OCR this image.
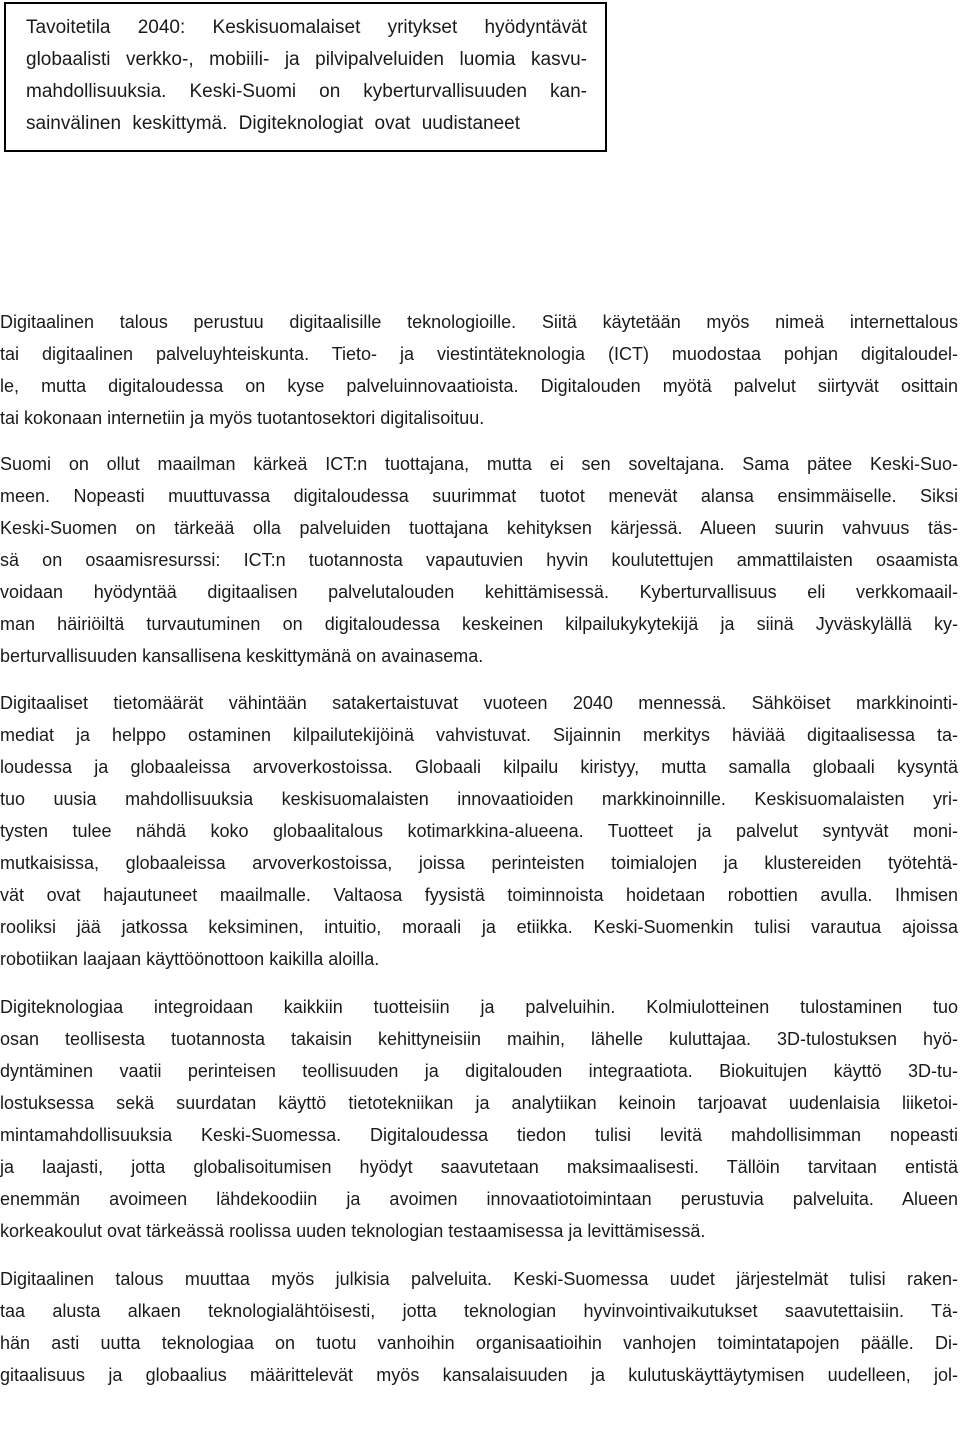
Tavoitetila 2040: Keskisuomalaiset yritykset hyödyntävät
globaalisti verkko-, mobiili- ja pilvipalveluiden luomia kasvu-
mahdollisuuksia. Keski-Suomi on kyberturvallisuuden kan-
sainvälinen keskittymä. Digiteknologiat ovat uudistaneet
Digitaalinen talous perustuu digitaalisille teknologioille. Siitä käytetään myös nimeä internettalous
tai digitaalinen palveluyhteiskunta. Tieto- ja viestintäteknologia (ICT) muodostaa pohjan digitaloudel-
le, mutta digitaloudessa on kyse palveluinnovaatioista. Digitalouden myötä palvelut siirtyvät osittain
tai kokonaan internetiin ja myös tuotantosektori digitalisoituu.
Suomi on ollut maailman kärkeä ICT:n tuottajana, mutta ei sen soveltajana. Sama pätee Keski-Suo-
meen. Nopeasti muuttuvassa digitaloudessa suurimmat tuotot menevät alansa ensimmäiselle. Siksi
Keski-Suomen on tärkeää olla palveluiden tuottajana kehityksen kärjessä. Alueen suurin vahvuus täs-
sä on osaamisresurssi: ICT:n tuotannosta vapautuvien hyvin koulutettujen ammattilaisten osaamista
voidaan hyödyntää digitaalisen palvelutalouden kehittämisessä. Kyberturvallisuus eli verkkomaail-
man häiriöiltä turvautuminen on digitaloudessa keskeinen kilpailukykytekijä ja siinä Jyväskylällä ky-
berturvallisuuden kansallisena keskittymänä on avainasema.
Digitaaliset tietomäärät vähintään satakertaistuvat vuoteen 2040 mennessä. Sähköiset markkinointi-
mediat ja helppo ostaminen kilpailutekijöinä vahvistuvat. Sijainnin merkitys häviää digitaalisessa ta-
loudessa ja globaaleissa arvoverkostoissa. Globaali kilpailu kiristyy, mutta samalla globaali kysyntä
tuo uusia mahdollisuuksia keskisuomalaisten innovaatioiden markkinoinnille. Keskisuomalaisten yri-
tysten tulee nähdä koko globaalitalous kotimarkkina-alueena. Tuotteet ja palvelut syntyvät moni-
mutkaisissa, globaaleissa arvoverkostoissa, joissa perinteisten toimialojen ja klustereiden työtehtä-
vät ovat hajautuneet maailmalle. Valtaosa fyysistä toiminnoista hoidetaan robottien avulla. Ihmisen
rooliksi jää jatkossa keksiminen, intuitio, moraali ja etiikka. Keski-Suomenkin tulisi varautua ajoissa
robotiikan laajaan käyttöönottoon kaikilla aloilla.
Digiteknologiaa integroidaan kaikkiin tuotteisiin ja palveluihin. Kolmiulotteinen tulostaminen tuo
osan teollisesta tuotannosta takaisin kehittyneisiin maihin, lähelle kuluttajaa. 3D-tulostuksen hyö-
dyntäminen vaatii perinteisen teollisuuden ja digitalouden integraatiota. Biokuitujen käyttö 3D-tu-
lostuksessa sekä suurdatan käyttö tietotekniikan ja analytiikan keinoin tarjoavat uudenlaisia liiketoi-
mintamahdollisuuksia Keski-Suomessa. Digitaloudessa tiedon tulisi levitä mahdollisimman nopeasti
ja laajasti, jotta globalisoitumisen hyödyt saavutetaan maksimaalisesti. Tällöin tarvitaan entistä
enemmän avoimeen lähdekoodiin ja avoimen innovaatiotoimintaan perustuvia palveluita. Alueen
korkeakoulut ovat tärkeässä roolissa uuden teknologian testaamisessa ja levittämisessä.
Digitaalinen talous muuttaa myös julkisia palveluita. Keski-Suomessa uudet järjestelmät tulisi raken-
taa alusta alkaen teknologialähtöisesti, jotta teknologian hyvinvointivaikutukset saavutettaisiin. Tä-
hän asti uutta teknologiaa on tuotu vanhoihin organisaatioihin vanhojen toimintatapojen päälle. Di-
gitaalisuus ja globaalius määrittelevät myös kansalaisuuden ja kulutuskäyttäytymisen uudelleen, jol-
